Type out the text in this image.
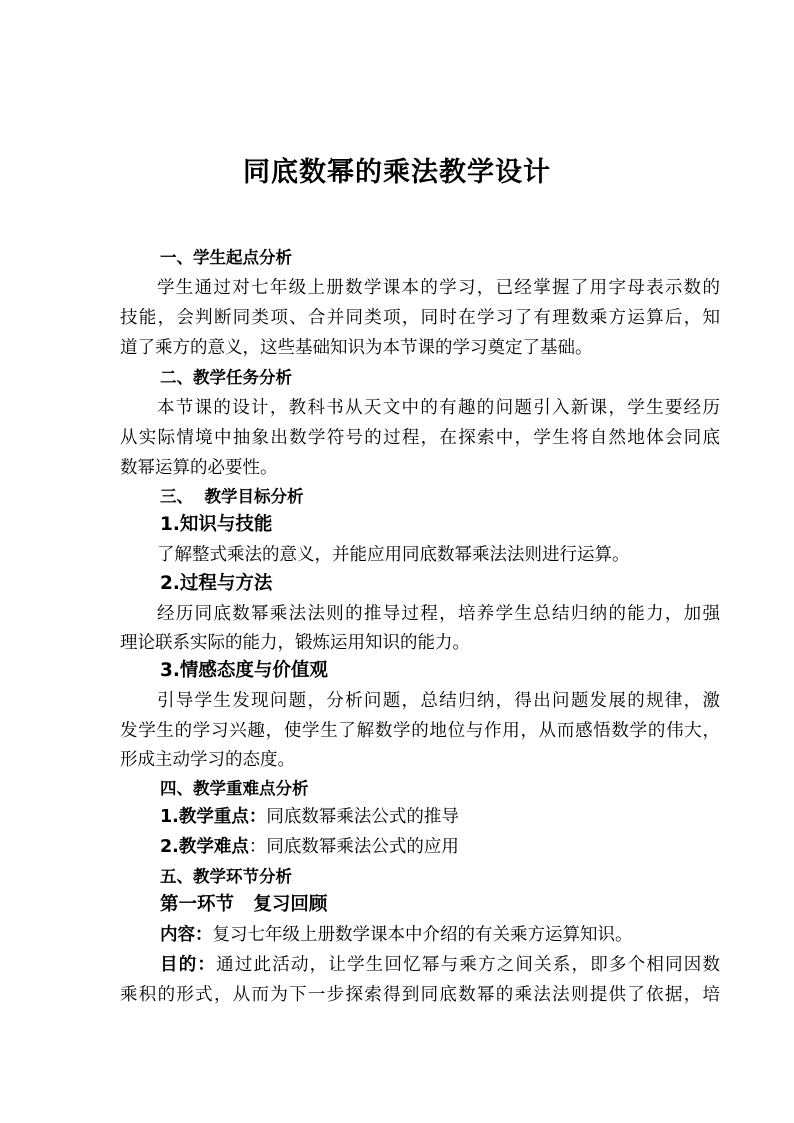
同底数幂的乘法教学设计
一、学生起点分析
学生通过对七年级上册数学课本的学习，已经掌握了用字母表示数的
技能，会判断同类项、合并同类项，同时在学习了有理数乘方运算后，知
道了乘方的意义，这些基础知识为本节课的学习奠定了基础。
二、教学任务分析
本节课的设计，教科书从天文中的有趣的问题引入新课，学生要经历
从实际情境中抽象出数学符号的过程，在探索中，学生将自然地体会同底
数幂运算的必要性。
三、  教学目标分析
1.知识与技能
了解整式乘法的意义，并能应用同底数幂乘法法则进行运算。
2.过程与方法
经历同底数幂乘法法则的推导过程，培养学生总结归纳的能力，加强
理论联系实际的能力，锻炼运用知识的能力。
3.情感态度与价值观
引导学生发现问题，分析问题，总结归纳，得出问题发展的规律，激
发学生的学习兴趣，使学生了解数学的地位与作用，从而感悟数学的伟大，
形成主动学习的态度。
四、教学重难点分析
1.教学重点：同底数幂乘法公式的推导
2.教学难点：同底数幂乘法公式的应用
五、教学环节分析
第一环节   复习回顾
内容：复习七年级上册数学课本中介绍的有关乘方运算知识。
目的：通过此活动，让学生回忆幂与乘方之间关系，即多个相同因数
乘积的形式，从而为下一步探索得到同底数幂的乘法法则提供了依据，培
